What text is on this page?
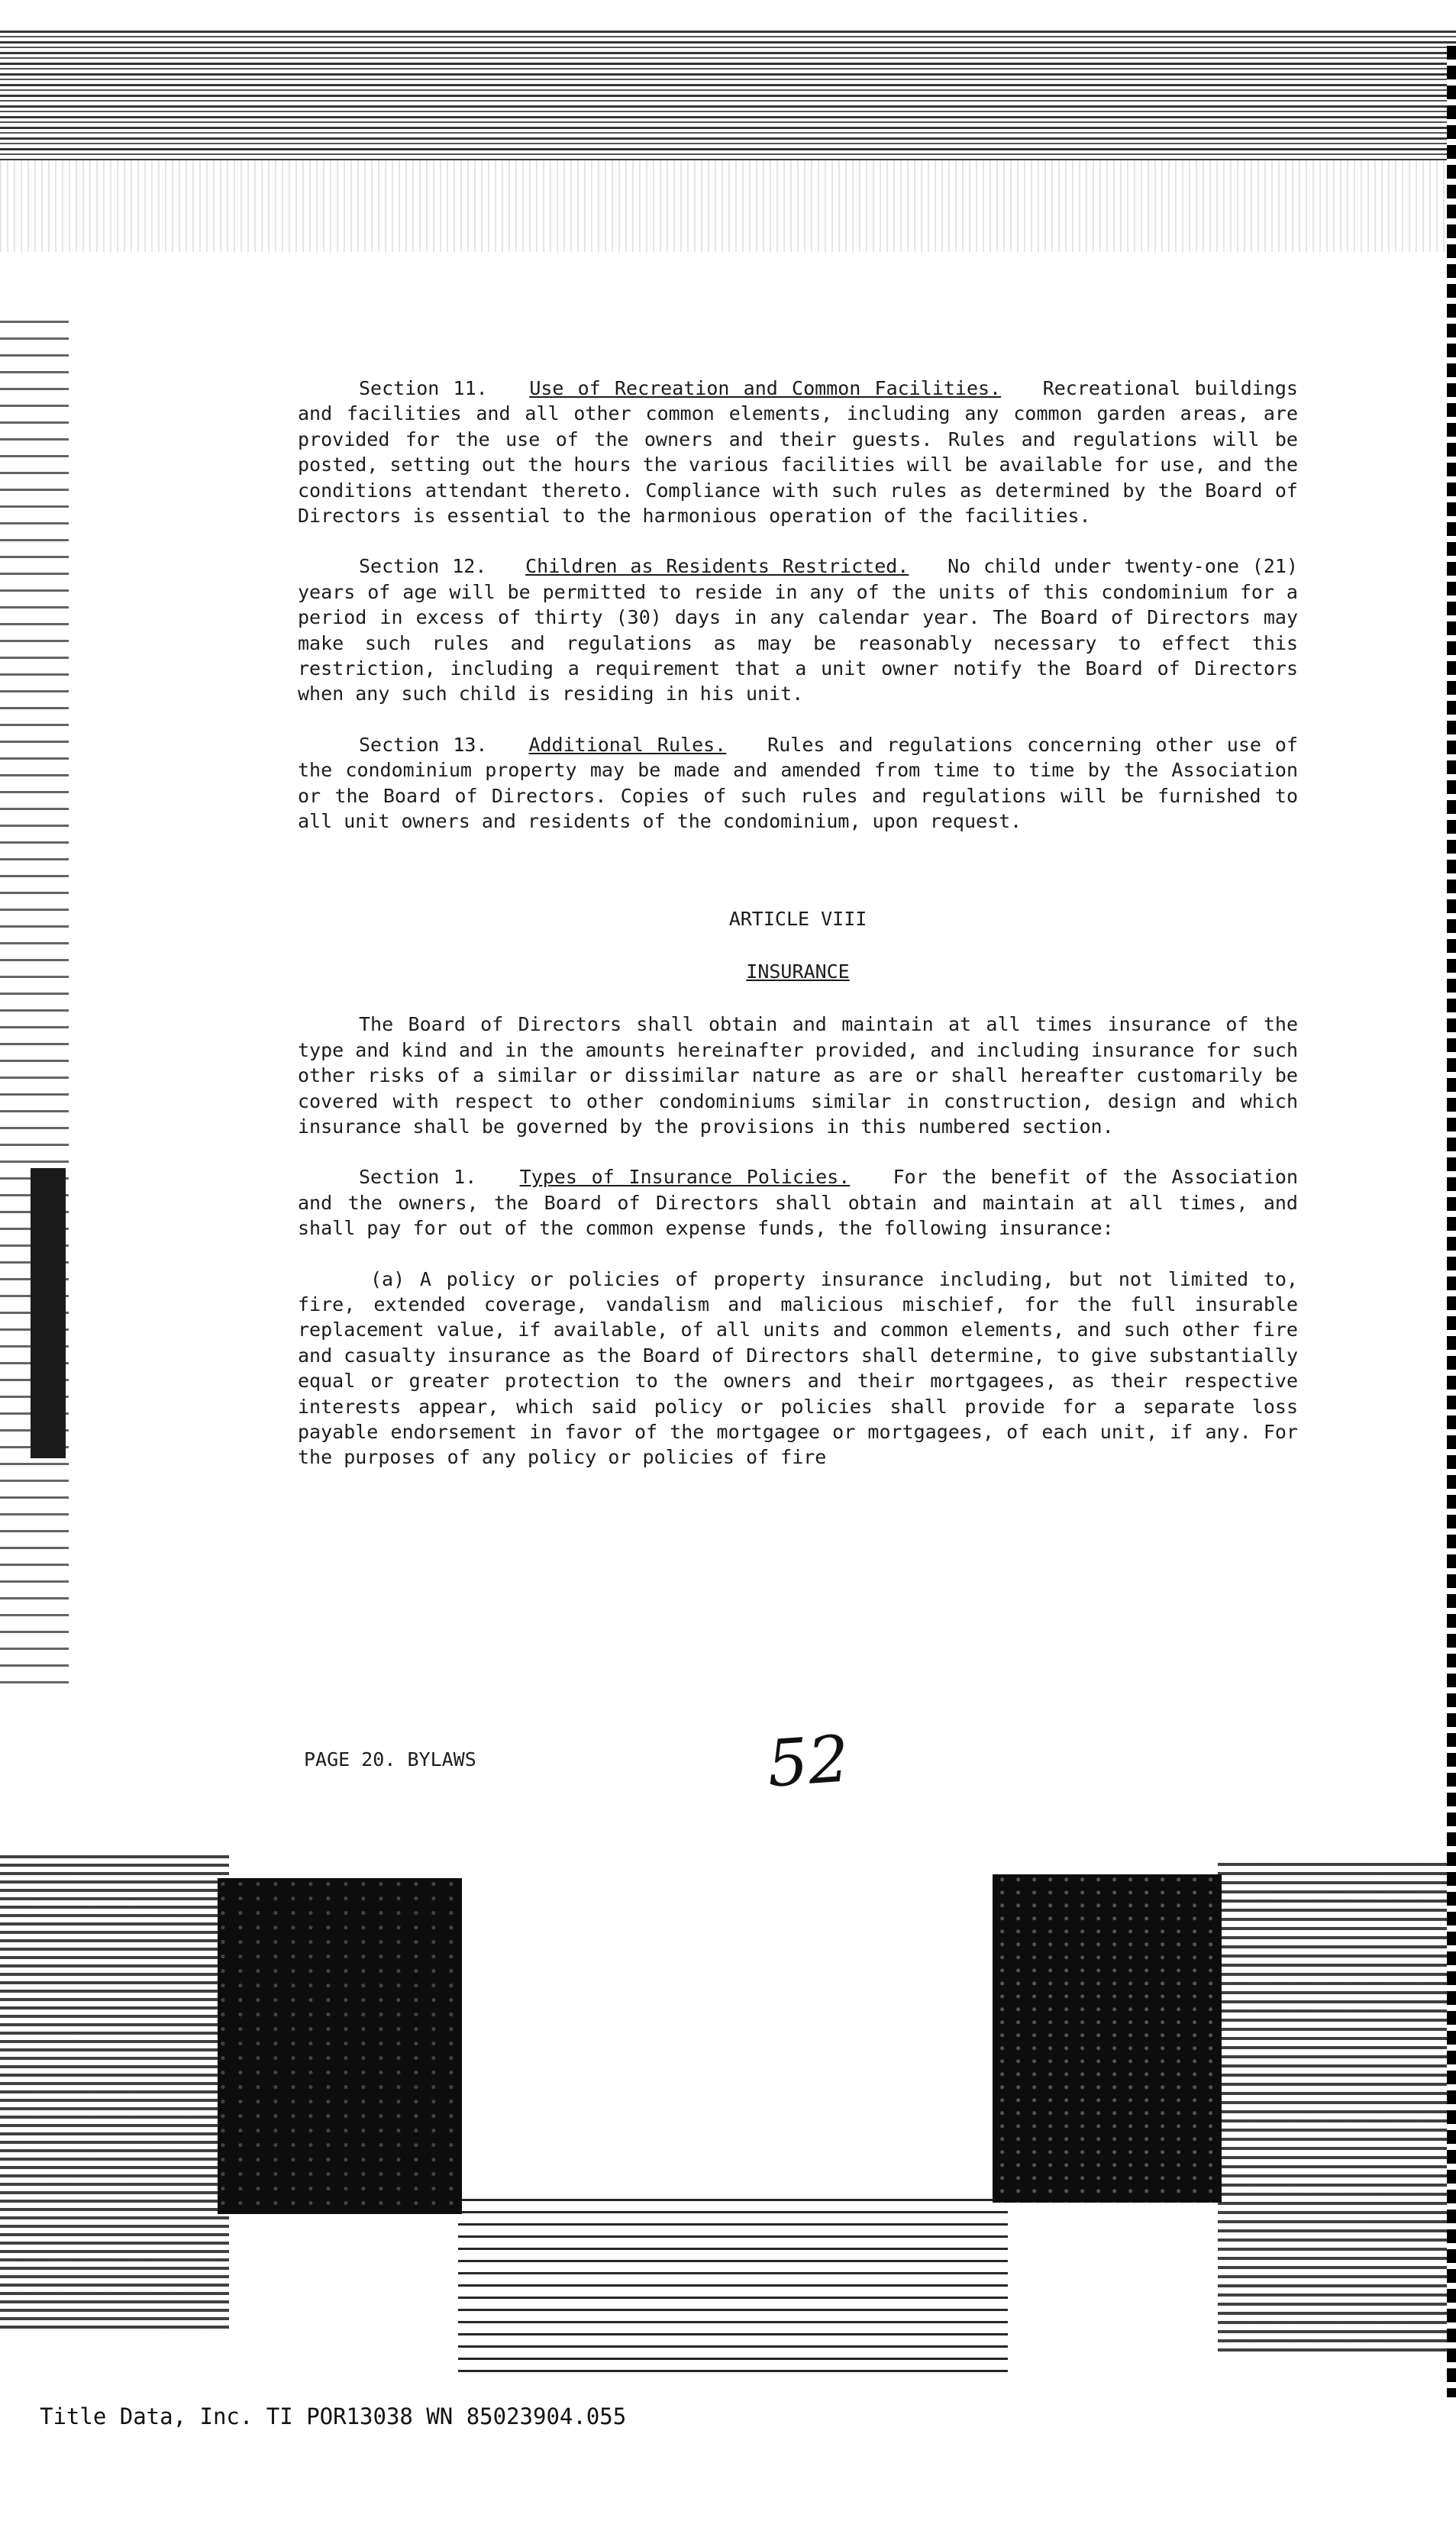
Section 11. Use of Recreation and Common Facilities. Recreational buildings and facilities and all other common elements, including any common garden areas, are provided for the use of the owners and their guests. Rules and regulations will be posted, setting out the hours the various facilities will be available for use, and the conditions attendant thereto. Compliance with such rules as determined by the Board of Directors is essential to the harmonious operation of the facilities.

Section 12. Children as Residents Restricted. No child under twenty-one (21) years of age will be permitted to reside in any of the units of this condominium for a period in excess of thirty (30) days in any calendar year. The Board of Directors may make such rules and regulations as may be reasonably necessary to effect this restriction, including a requirement that a unit owner notify the Board of Directors when any such child is residing in his unit.

Section 13. Additional Rules. Rules and regulations concerning other use of the condominium property may be made and amended from time to time by the Association or the Board of Directors. Copies of such rules and regulations will be furnished to all unit owners and residents of the condominium, upon request.

ARTICLE VIII

INSURANCE

The Board of Directors shall obtain and maintain at all times insurance of the type and kind and in the amounts hereinafter provided, and including insurance for such other risks of a similar or dissimilar nature as are or shall hereafter customarily be covered with respect to other condominiums similar in construction, design and which insurance shall be governed by the provisions in this numbered section.

Section 1. Types of Insurance Policies. For the benefit of the Association and the owners, the Board of Directors shall obtain and maintain at all times, and shall pay for out of the common expense funds, the following insurance:

(a) A policy or policies of property insurance including, but not limited to, fire, extended coverage, vandalism and malicious mischief, for the full insurable replacement value, if available, of all units and common elements, and such other fire and casualty insurance as the Board of Directors shall determine, to give substantially equal or greater protection to the owners and their mortgagees, as their respective interests appear, which said policy or policies shall provide for a separate loss payable endorsement in favor of the mortgagee or mortgagees, of each unit, if any. For the purposes of any policy or policies of fire

PAGE 20. BYLAWS	52
Title Data, Inc. TI POR13038 WN 85023904.055
